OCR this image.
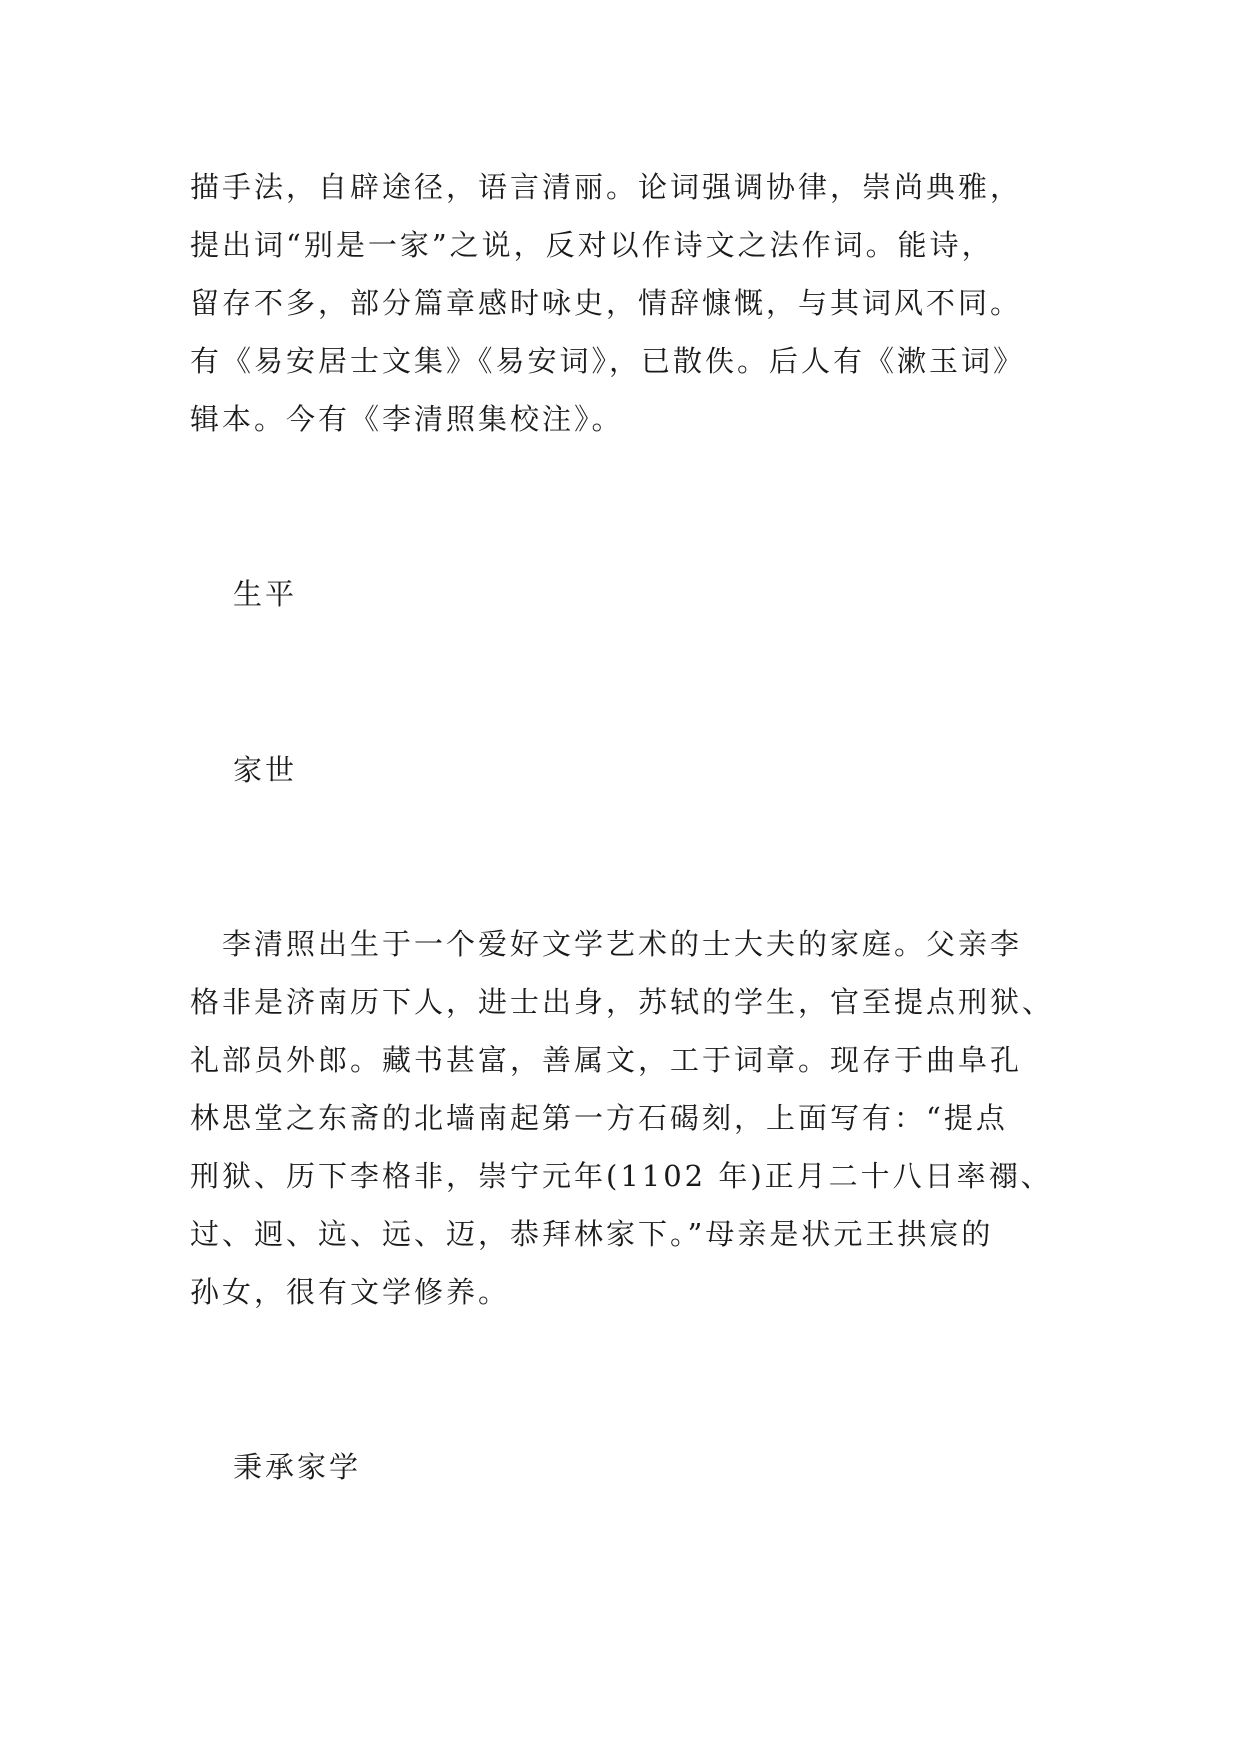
描手法，自辟途径，语言清丽。论词强调协律，崇尚典雅，
提出词“别是一家”之说，反对以作诗文之法作词。能诗，
留存不多，部分篇章感时咏史，情辞慷慨，与其词风不同。
有《易安居士文集》《易安词》，已散佚。后人有《漱玉词》
辑本。今有《李清照集校注》。
生平
家世
　李清照出生于一个爱好文学艺术的士大夫的家庭。父亲李
格非是济南历下人，进士出身，苏轼的学生，官至提点刑狱、
礼部员外郎。藏书甚富，善属文，工于词章。现存于曲阜孔
林思堂之东斋的北墙南起第一方石碣刻，上面写有：“提点
刑狱、历下李格非，崇宁元年(1102 年)正月二十八日率禤、
过、迥、迒、远、迈，恭拜林家下。”母亲是状元王拱宸的
孙女，很有文学修养。
秉承家学
